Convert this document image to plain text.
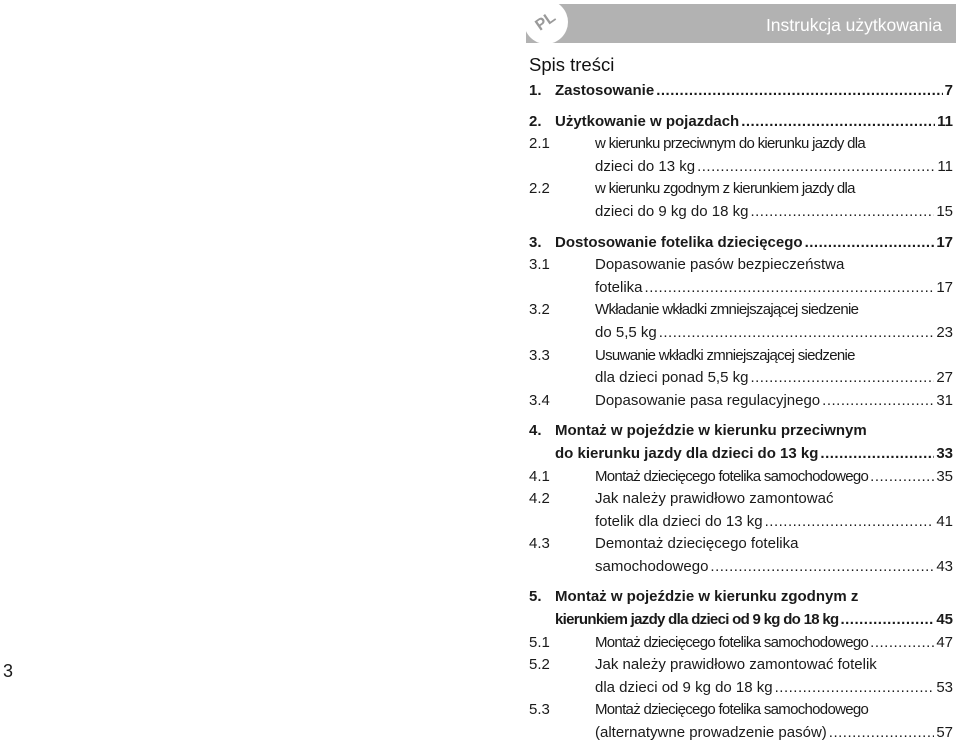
Instrukcja użytkowania
PL
Spis treści
1. Zastosowanie .....	7
2. Użytkowanie w pojazdach .....	11
2.1	w kierunku przeciwnym do kierunku jazdy dla
dzieci do 13 kg .....	11
2.2	w kierunku zgodnym z kierunkiem jazdy dla
dzieci do 9 kg do 18 kg .....	15
3. Dostosowanie fotelika dziecięcego .....	17
3.1	Dopasowanie pasów bezpieczeństwa
fotelika .....	17
3.2	Wkładanie wkładki zmniejszającej siedzenie
do 5,5 kg .....	23
3.3	Usuwanie wkładki zmniejszającej siedzenie
dla dzieci ponad 5,5 kg .....	27
3.4	Dopasowanie pasa regulacyjnego .....	31
4. Montaż w pojeździe w kierunku przeciwnym
do kierunku jazdy dla dzieci do 13 kg .....	33
4.1	Montaż dziecięcego fotelika samochodowego .....	35
4.2	Jak należy prawidłowo zamontować
fotelik dla dzieci do 13 kg .....	41
4.3	Demontaż dziecięcego fotelika
samochodowego .....	43
5. Montaż w pojeździe w kierunku zgodnym z
kierunkiem jazdy dla dzieci od 9 kg do 18 kg .....	45
5.1	Montaż dziecięcego fotelika samochodowego .....	47
5.2	Jak należy prawidłowo zamontować fotelik
dla dzieci od 9 kg do 18 kg .....	53
5.3	Montaż dziecięcego fotelika samochodowego
(alternatywne prowadzenie pasów) .....	57
3
